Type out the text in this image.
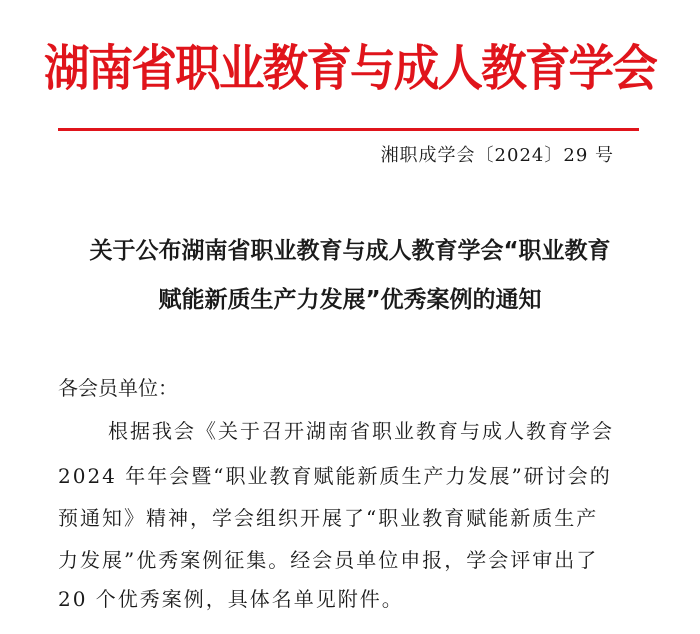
湖南省职业教育与成人教育学会
湘职成学会〔2024〕29 号
关于公布湖南省职业教育与成人教育学会“职业教育
赋能新质生产力发展”优秀案例的通知
各会员单位：
根据我会《关于召开湖南省职业教育与成人教育学会
2024 年年会暨“职业教育赋能新质生产力发展”研讨会的
预通知》精神，学会组织开展了“职业教育赋能新质生产
力发展”优秀案例征集。经会员单位申报，学会评审出了
20 个优秀案例，具体名单见附件。
